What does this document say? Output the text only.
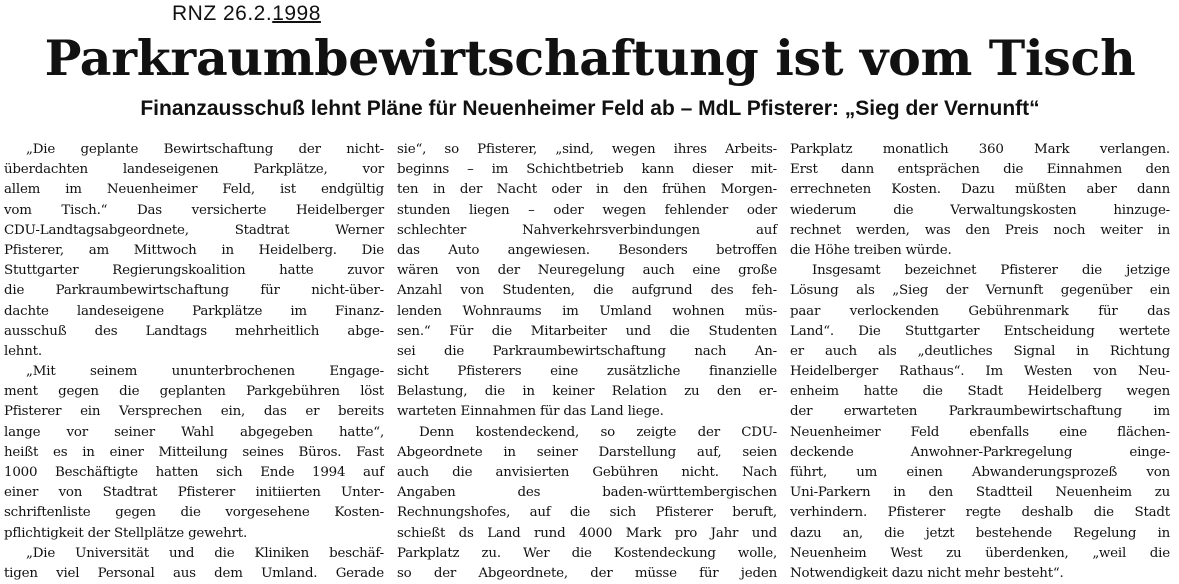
RNZ 26.2.1998
Parkraumbewirtschaftung ist vom Tisch
Finanzausschuß lehnt Pläne für Neuenheimer Feld ab – MdL Pfisterer: „Sieg der Vernunft“
„Die geplante Bewirtschaftung der nicht-
überdachten landeseigenen Parkplätze, vor
allem im Neuenheimer Feld, ist endgültig
vom Tisch.“ Das versicherte Heidelberger
CDU-Landtagsabgeordnete, Stadtrat Werner
Pfisterer, am Mittwoch in Heidelberg. Die
Stuttgarter Regierungskoalition hatte zuvor
die Parkraumbewirtschaftung für nicht-über-
dachte landeseigene Parkplätze im Finanz-
ausschuß des Landtags mehrheitlich abge-
lehnt.
„Mit seinem ununterbrochenen Engage-
ment gegen die geplanten Parkgebühren löst
Pfisterer ein Versprechen ein, das er bereits
lange vor seiner Wahl abgegeben hatte“,
heißt es in einer Mitteilung seines Büros. Fast
1000 Beschäftigte hatten sich Ende 1994 auf
einer von Stadtrat Pfisterer initiierten Unter-
schriftenliste gegen die vorgesehene Kosten-
pflichtigkeit der Stellplätze gewehrt.
„Die Universität und die Kliniken beschäf-
tigen viel Personal aus dem Umland. Gerade
sie“, so Pfisterer, „sind, wegen ihres Arbeits-
beginns – im Schichtbetrieb kann dieser mit-
ten in der Nacht oder in den frühen Morgen-
stunden liegen – oder wegen fehlender oder
schlechter Nahverkehrsverbindungen auf
das Auto angewiesen. Besonders betroffen
wären von der Neuregelung auch eine große
Anzahl von Studenten, die aufgrund des feh-
lenden Wohnraums im Umland wohnen müs-
sen.“ Für die Mitarbeiter und die Studenten
sei die Parkraumbewirtschaftung nach An-
sicht Pfisterers eine zusätzliche finanzielle
Belastung, die in keiner Relation zu den er-
warteten Einnahmen für das Land liege.
Denn kostendeckend, so zeigte der CDU-
Abgeordnete in seiner Darstellung auf, seien
auch die anvisierten Gebühren nicht. Nach
Angaben des baden-württembergischen
Rechnungshofes, auf die sich Pfisterer beruft,
schießt ds Land rund 4000 Mark pro Jahr und
Parkplatz zu. Wer die Kostendeckung wolle,
so der Abgeordnete, der müsse für jeden
Parkplatz monatlich 360 Mark verlangen.
Erst dann entsprächen die Einnahmen den
errechneten Kosten. Dazu müßten aber dann
wiederum die Verwaltungskosten hinzuge-
rechnet werden, was den Preis noch weiter in
die Höhe treiben würde.
Insgesamt bezeichnet Pfisterer die jetzige
Lösung als „Sieg der Vernunft gegenüber ein
paar verlockenden Gebührenmark für das
Land“. Die Stuttgarter Entscheidung wertete
er auch als „deutliches Signal in Richtung
Heidelberger Rathaus“. Im Westen von Neu-
enheim hatte die Stadt Heidelberg wegen
der erwarteten Parkraumbewirtschaftung im
Neuenheimer Feld ebenfalls eine flächen-
deckende Anwohner-Parkregelung einge-
führt, um einen Abwanderungsprozeß von
Uni-Parkern in den Stadtteil Neuenheim zu
verhindern. Pfisterer regte deshalb die Stadt
dazu an, die jetzt bestehende Regelung in
Neuenheim West zu überdenken, „weil die
Notwendigkeit dazu nicht mehr besteht“.
